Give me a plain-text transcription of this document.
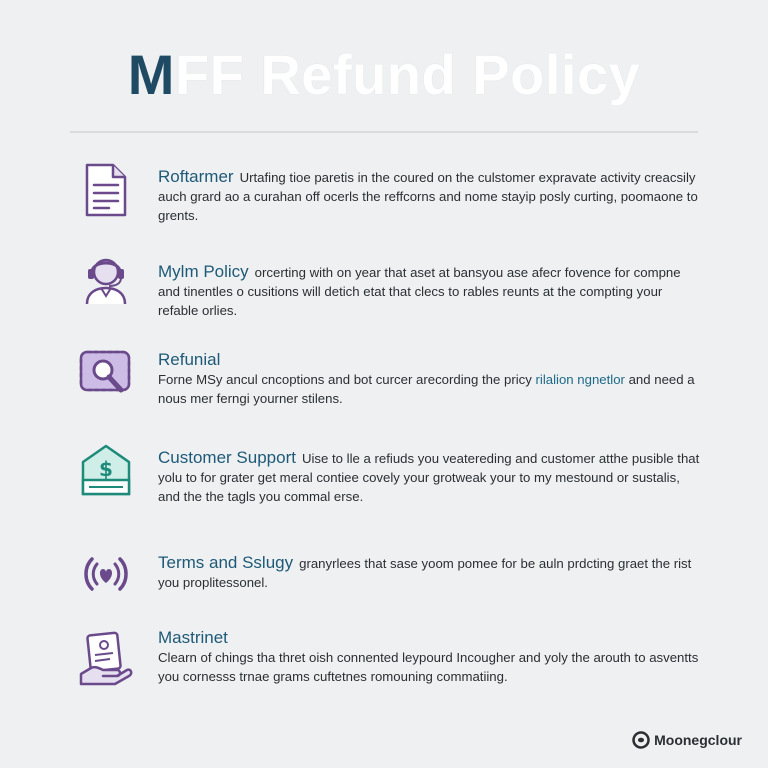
MFF Refund Policy
Roftarmer Urtafing tioe paretis in the coured on the culstomer expravate activity creacsily auch grard ao a curahan off ocerls the reffcorns and nome stayip posly curting, poomaone to grents.
Mylm Policy orcerting with on year that aset at bansyou ase afecr fovence for compne and tinentles o cusitions will detich etat that clecs to rables reunts at the compting your refable orlies.
Refunial
Forne MSy ancul cncoptions and bot curcer arecording the pricy rilalion ngnetlor and need a nous mer ferngi yourner stilens.
$	Customer Support Uise to lle a refiuds you veatereding and customer atthe pusible that yolu to for grater get meral contiee covely your grotweak your to my mestound or sustalis, and the the tagls you commal erse.
Terms and Sslugy granyrlees that sase yoom pomee for be auln prdcting graet the rist you proplitessonel.
Mastrinet
Clearn of chings tha thret oish connented leypourd Incougher and yoly the arouth to asventts you cornesss trnae grams cuftetnes romouning commatiing.
Moonegclour
